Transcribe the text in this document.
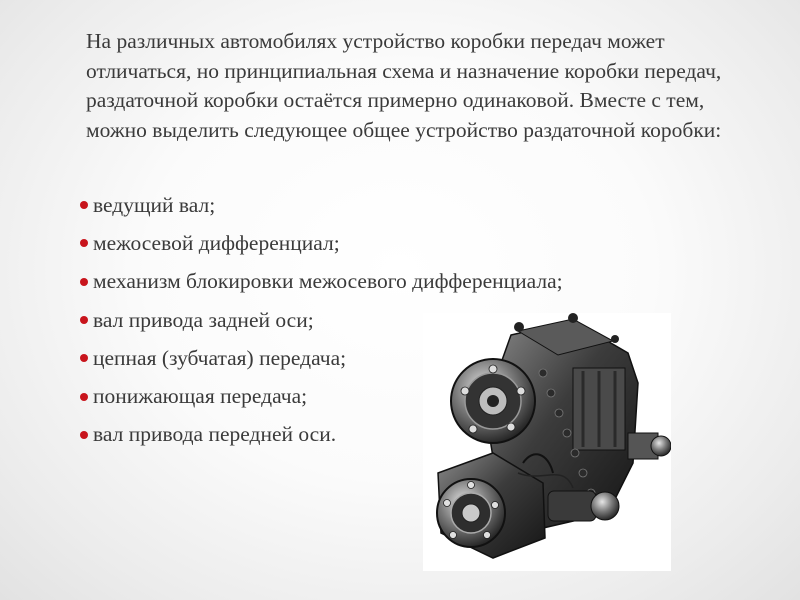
На различных автомобилях устройство коробки передач может отличаться, но принципиальная схема и назначение коробки передач, раздаточной коробки остаётся примерно одинаковой. Вместе с тем, можно выделить следующее общее устройство раздаточной коробки:

ведущий вал;
межосевой дифференциал;
механизм блокировки межосевого дифференциала;
вал привода задней оси;
цепная (зубчатая) передача;
понижающая передача;
вал привода передней оси.
